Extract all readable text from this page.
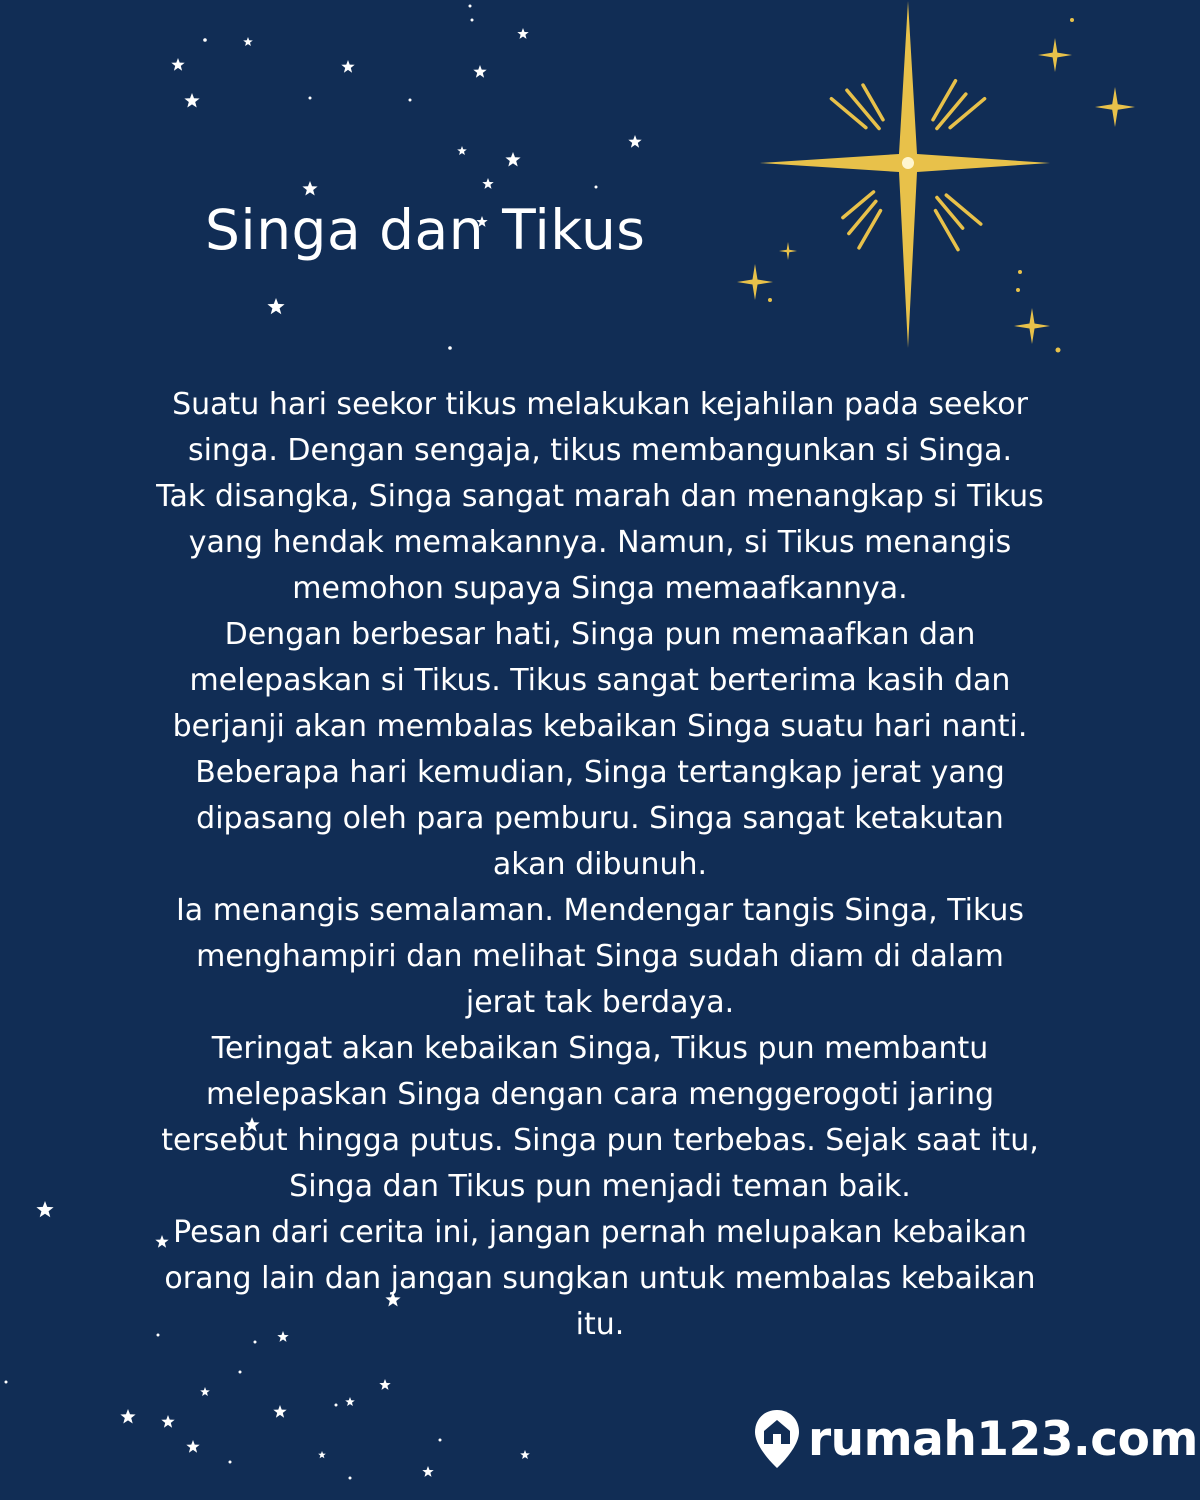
Singa dan Tikus

Suatu hari seekor tikus melakukan kejahilan pada seekor

singa. Dengan sengaja, tikus membangunkan si Singa.

Tak disangka, Singa sangat marah dan menangkap si Tikus

yang hendak memakannya. Namun, si Tikus menangis

memohon supaya Singa memaafkannya.

Dengan berbesar hati, Singa pun memaafkan dan

melepaskan si Tikus. Tikus sangat berterima kasih dan

berjanji akan membalas kebaikan Singa suatu hari nanti.

Beberapa hari kemudian, Singa tertangkap jerat yang

dipasang oleh para pemburu. Singa sangat ketakutan

akan dibunuh.

Ia menangis semalaman. Mendengar tangis Singa, Tikus

menghampiri dan melihat Singa sudah diam di dalam

jerat tak berdaya.

Teringat akan kebaikan Singa, Tikus pun membantu

melepaskan Singa dengan cara menggerogoti jaring

tersebut hingga putus. Singa pun terbebas. Sejak saat itu,

Singa dan Tikus pun menjadi teman baik.

Pesan dari cerita ini, jangan pernah melupakan kebaikan

orang lain dan jangan sungkan untuk membalas kebaikan

itu.

rumah123.com
